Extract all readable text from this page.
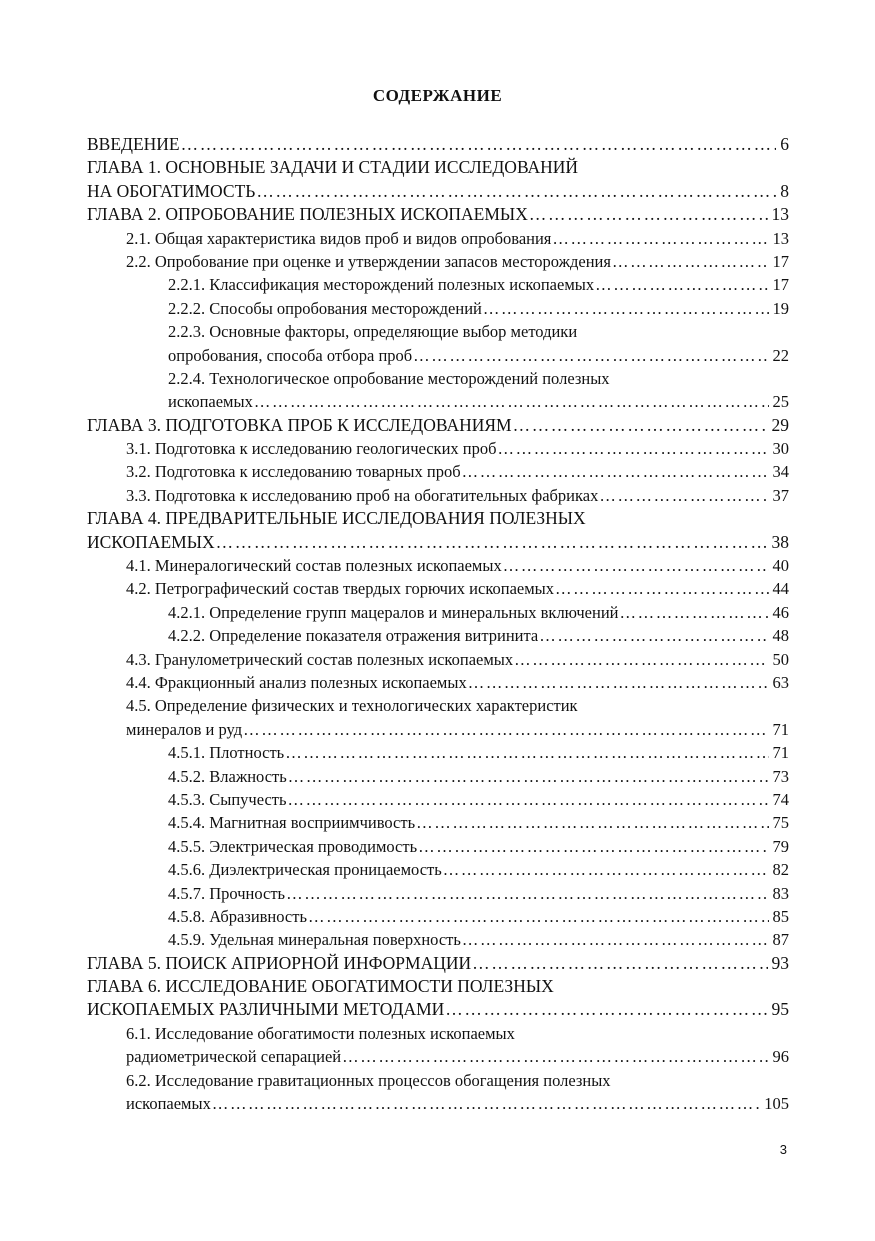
СОДЕРЖАНИЕ
ВВЕДЕНИЕ …………………………………………………………………………………………………………………………………………………………………………	6
ГЛАВА 1. ОСНОВНЫЕ ЗАДАЧИ И СТАДИИ ИССЛЕДОВАНИЙ
НА ОБОГАТИМОСТЬ …………………………………………………………………………………………………………………………………………………………………………	8
ГЛАВА 2. ОПРОБОВАНИЕ ПОЛЕЗНЫХ ИСКОПАЕМЫХ …………………………………………………………………………………………………………………………………………………………………………	13
2.1. Общая характеристика видов проб и видов опробования …………………………………………………………………………………………………………………………………………………………………………	13
2.2. Опробование при оценке и утверждении запасов месторождения …………………………………………………………………………………………………………………………………………………………………………	17
2.2.1. Классификация месторождений полезных ископаемых …………………………………………………………………………………………………………………………………………………………………………	17
2.2.2. Способы опробования месторождений …………………………………………………………………………………………………………………………………………………………………………	19
2.2.3. Основные факторы, определяющие выбор методики
опробования, способа отбора проб …………………………………………………………………………………………………………………………………………………………………………	22
2.2.4. Технологическое опробование месторождений полезных
ископаемых …………………………………………………………………………………………………………………………………………………………………………	25
ГЛАВА 3. ПОДГОТОВКА ПРОБ К ИССЛЕДОВАНИЯМ …………………………………………………………………………………………………………………………………………………………………………	29
3.1. Подготовка к исследованию геологических проб …………………………………………………………………………………………………………………………………………………………………………	30
3.2. Подготовка к исследованию товарных проб …………………………………………………………………………………………………………………………………………………………………………	34
3.3. Подготовка к исследованию проб на обогатительных фабриках …………………………………………………………………………………………………………………………………………………………………………	37
ГЛАВА 4. ПРЕДВАРИТЕЛЬНЫЕ ИССЛЕДОВАНИЯ ПОЛЕЗНЫХ
ИСКОПАЕМЫХ …………………………………………………………………………………………………………………………………………………………………………	38
4.1. Минералогический состав полезных ископаемых …………………………………………………………………………………………………………………………………………………………………………	40
4.2. Петрографический состав твердых горючих ископаемых …………………………………………………………………………………………………………………………………………………………………………	44
4.2.1. Определение групп мацералов и минеральных включений …………………………………………………………………………………………………………………………………………………………………………	46
4.2.2. Определение показателя отражения витринита …………………………………………………………………………………………………………………………………………………………………………	48
4.3. Гранулометрический состав полезных ископаемых …………………………………………………………………………………………………………………………………………………………………………	50
4.4. Фракционный анализ полезных ископаемых …………………………………………………………………………………………………………………………………………………………………………	63
4.5. Определение физических и технологических характеристик
минералов и руд …………………………………………………………………………………………………………………………………………………………………………	71
4.5.1. Плотность …………………………………………………………………………………………………………………………………………………………………………	71
4.5.2. Влажность …………………………………………………………………………………………………………………………………………………………………………	73
4.5.3. Сыпучесть …………………………………………………………………………………………………………………………………………………………………………	74
4.5.4. Магнитная восприимчивость …………………………………………………………………………………………………………………………………………………………………………	75
4.5.5. Электрическая проводимость …………………………………………………………………………………………………………………………………………………………………………	79
4.5.6. Диэлектрическая проницаемость …………………………………………………………………………………………………………………………………………………………………………	82
4.5.7. Прочность …………………………………………………………………………………………………………………………………………………………………………	83
4.5.8. Абразивность …………………………………………………………………………………………………………………………………………………………………………	85
4.5.9. Удельная минеральная поверхность …………………………………………………………………………………………………………………………………………………………………………	87
ГЛАВА 5. ПОИСК АПРИОРНОЙ ИНФОРМАЦИИ …………………………………………………………………………………………………………………………………………………………………………	93
ГЛАВА 6. ИССЛЕДОВАНИЕ ОБОГАТИМОСТИ ПОЛЕЗНЫХ
ИСКОПАЕМЫХ РАЗЛИЧНЫМИ МЕТОДАМИ …………………………………………………………………………………………………………………………………………………………………………	95
6.1. Исследование обогатимости полезных ископаемых
радиометрической сепарацией …………………………………………………………………………………………………………………………………………………………………………	96
6.2. Исследование гравитационных процессов обогащения полезных
ископаемых …………………………………………………………………………………………………………………………………………………………………………	105
3
